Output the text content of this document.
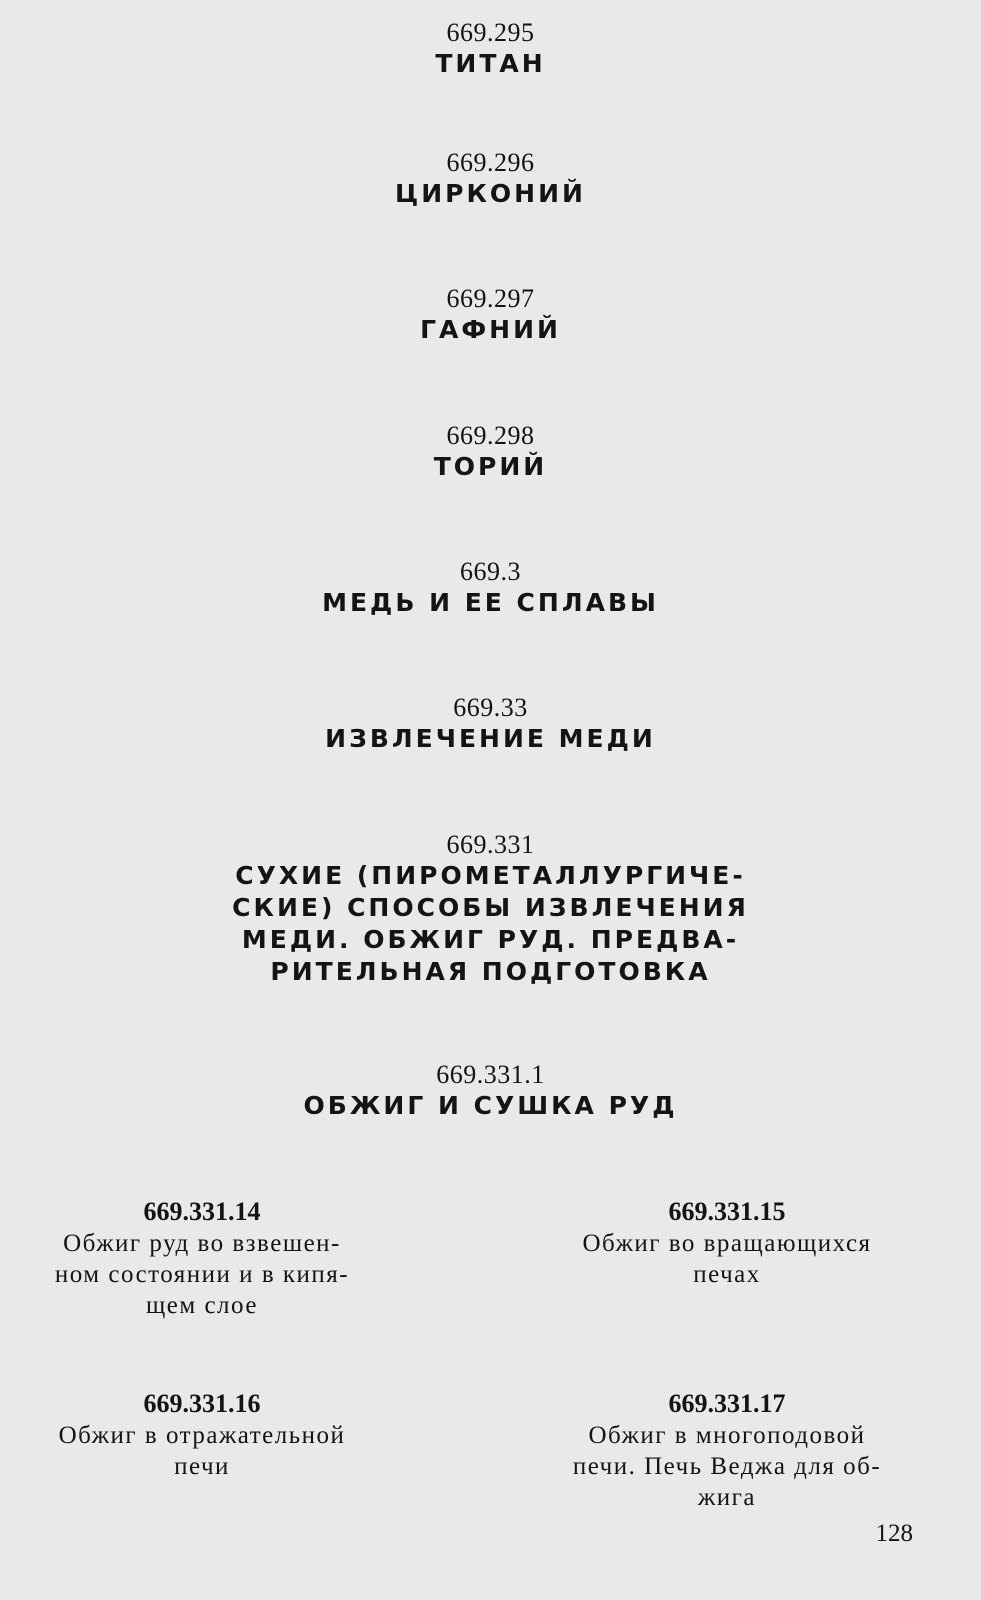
669.295
ТИТАН
669.296
ЦИРКОНИЙ
669.297
ГАФНИЙ
669.298
ТОРИЙ
669.3
МЕДЬ И ЕЕ СПЛАВЫ
669.33
ИЗВЛЕЧЕНИЕ МЕДИ
669.331
СУХИЕ (ПИРОМЕТАЛЛУРГИЧЕ-
СКИЕ) СПОСОБЫ ИЗВЛЕЧЕНИЯ
МЕДИ. ОБЖИГ РУД. ПРЕДВА-
РИТЕЛЬНАЯ ПОДГОТОВКА
669.331.1
ОБЖИГ И СУШКА РУД
669.331.14
Обжиг руд во взвешен-
ном состоянии и в кипя-
щем слое
669.331.15
Обжиг во вращающихся
печах
669.331.16
Обжиг в отражательной
печи
669.331.17
Обжиг в многоподовой
печи. Печь Веджа для об-
жига
128
